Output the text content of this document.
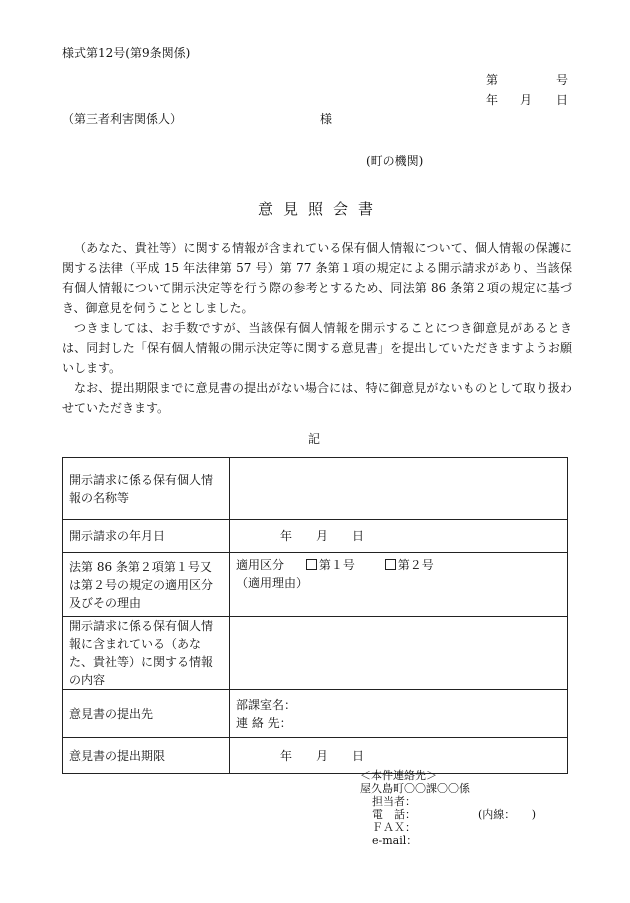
様式第12号(第9条関係)
第	号
年 月 日
（第三者利害関係人）	様
(町の機関)
意見照会書

（あなた、貴社等）に関する情報が含まれている保有個人情報について、個人情報の保護に関する法律（平成 15 年法律第 57 号）第 77 条第１項の規定による開示請求があり、当該保有個人情報について開示決定等を行う際の参考とするため、同法第 86 条第２項の規定に基づき、御意見を伺うこととしました。

つきましては、お手数ですが、当該保有個人情報を開示することにつき御意見があるときは、同封した「保有個人情報の開示決定等に関する意見書」を提出していただきますようお願いします。

なお、提出期限までに意見書の提出がない場合には、特に御意見がないものとして取り扱わせていただきます。

記
開示請求に係る保有個人情報の名称等	
開示請求の年月日	年　　月　　日
法第 86 条第２項第１号又は第２号の規定の適用区分及びその理由	適用区分 第１号 第２号
（適用理由）

開示請求に係る保有個人情報に含まれている（あなた、貴社等）に関する情報の内容	
意見書の提出先	部課室名：
連 絡 先：

意見書の提出期限	年　　月　　日
＜本件連絡先＞
屋久島町〇〇課〇〇係
担当者：
電　話：	(内線：　　)
ＦＡＸ：
e-mail：
